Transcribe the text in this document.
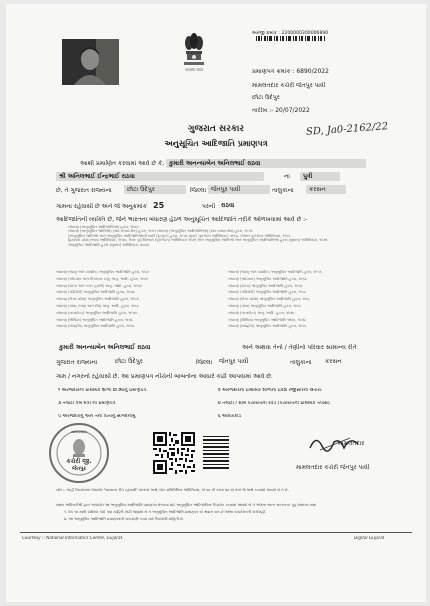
सत्यमेव जयते
અરજી ક્રમાંક : 2200000300006890
પ્રમાણપત્ર ક્રમાંક : 6890/2022
મામલતદાર કચેરી જેતપુર પાવી
છોટા ઉદેપુર
તારીખ :- 20/07/2022
SD, Ja0-2162/22
ગુજરાત સરકાર
અનુસૂચિત આદિજાતિ પ્રમાણપત્ર
આથી પ્રમાણિત કરવામાં આવે છે કે, કુમારી અનન્યાબેન અનિલભાઈ રાઠવા
શ્રી અનિલભાઈ ઈન્દ્રભાઈ રાઠવા	ના	પુત્રી
છે, તે ગુજરાત રાજ્યના	છોટા ઉદેપુર	જિલ્લા જેતપુર પાવી	તાલુકાના	કરસન
ગામના રહેવાસી છે અને જે અનુક્રમાંક 25	પરની રાઠવા
આદિજાતિની વ્યક્તિ છે, જેને ભારતના બંધારણ હેઠળ અનુસૂચિત આદિજાતિ તરીકે ઓળખવામાં આવે છે :-
બંધારણ (અનુસૂચિત આદિજાતિઓ) હુકમ, ૧૯૫૦
બંધારણ (અનુસૂચિત જાતિઓ) (સંઘ રાજ્ય ક્ષેત્ર) હુકમ, ૧૯૫૧ બંધારણ (અનુસૂચિત આદિજાતિઓ) (સંઘ રાજ્ય ક્ષેત્ર) હુકમ, ૧૯૫૧
(અનુસૂચિત જાતિઓ અને અનુસૂચિત આદિજાતિઓની યાદી (ફેરફાર) હુકમ, ૧૯૫૬ મુંબઈ પુનર્ગઠન અધિનિયમ, ૧૯૬૦, પંજાબ પુનર્ગઠન અધિનિયમ, ૧૯૬૬
હિમાચલ પ્રદેશ રાજ્ય અધિનિયમ, ૧૯૭૦, ઉત્તર પૂર્વ વિસ્તારો (પુનર્ગઠન) અધિનિયમ ૧૯૭૧ અને અનુસૂચિત જાતિઓ અને અનુસૂચિત આદિજાતિઓ હુકમ (સુધારા) અધિનિયમ, ૧૯૭૬
અનુસૂચિત આદિજાતિ હુકમ (સુધારા) અધિનિયમ, ૨૦૦૨
બંધારણ (જમ્મુ અને કાશ્મીર) અનુસૂચિત આદિજાતિ હુકમ, ૧૯૮૯
બંધારણ (અંદમાન અને નિકોબાર ટાપુ) અનુ. આદિ. હુકમ, ૧૯૫૯
બંધારણ (દાદરા અને નગર હવેલી) અનુ. આદિ. હુકમ, ૧૯૬૨
બંધારણ (પોંડિચેરી) અનુસૂચિત આદિજાતિ હુકમ, ૧૯૬૪
બંધારણ (ઉત્તર પ્રદેશ) અનુસૂચિત આદિજાતિ હુકમ, ૧૯૬૭
બંધારણ (ગોવા, દમણ અને દીવ) અનુ. આદિ. હુકમ, ૧૯૬૮
બંધારણ (નાગાલેન્ડ) અનુસૂચિત આદિજાતિ હુકમ, ૧૯૭૦
બંધારણ (સિક્કિમ) અનુસૂચિત આદિજાતિ હુકમ, ૧૯૭૮
બંધારણ (લક્ષદ્વીપ) અનુસૂચિત આદિજાતિ હુકમ, ૧૯૫૬
બંધારણ (જમ્મુ અને કાશ્મીર) અનુસૂચિત આદિજાતિ હુકમ, ૧૯૫૬
બંધારણ (અંદમાન) અનુસૂચિત આદિજાતિ હુકમ, ૧૯૬૨
બંધારણ (દાદરા) અનુસૂચિત આદિજાતિ હુકમ, ૧૯૬૨
બંધારણ (પોંડિચેરી) અનુસૂચિત આદિજાતિ હુકમ, ૧૯૬૮
બંધારણ (ઉત્તર પ્રદેશ) અનુસૂચિત આદિજાતિ હુકમ, ૧૯૬૮
બંધારણ (ગોવા) અનુસૂચિત આદિજાતિ હુકમ, ૧૯૬૮
બંધારણ (નાગાલેન્ડ) અનુ. આદિ. હુકમ, ૧૯૭૦
બંધારણ (સિક્કિમ) અનુસૂચિત આદિજાતિ ઓર્ડર, ૧૯૭૮
બંધારણ (લક્ષદ્વીપ) અનુસૂચિત આદિજાતિ હુકમ, ૧૯૫૬
કુમારી અનન્યાબેન અનિલભાઈ રાઠવા	અને અથવા તેનો / તેણીનો પરિવાર સામાન્ય રીતે
ગુજરાત રાજ્યના	છોટા ઉદેપુર	જિલ્લા	જેતપુર પાવી	તાલુકાના	કરસન
ગામ / નગરનો રહેવાસી છે. આ પ્રમાણપત્ર નીચેની બાબતોના આધારે કાઢી આપવામાં આવે છે.
૧ અરજદારના પ્રાથમિક શાળા છોડ્યાનું પ્રમાણપત્ર.	૨ અરજદારના પ્રાથમિક શાળાના પ્રવેશ રજીસ્ટરનો ઉતારો.
૩ તલાટી કમ મંત્રી નો પ્રમાણપત્ર	૪ તલાટી / ગ્રામ પંચાયતનો રેકર્ડ (પંચાયતની પ્રાથમિક તપાસ).
૫ અરજદારનું અને તેના પિતાનું સોગંદનામું	૬ આધારકાર્ડ
મામલતદાર
કચેરી જી.
જેતપુર
મામલતદાર
મામલતદાર કચેરી જેતપુર પાવી
નોંધ :- અહીં ઉપયોગમાં લેવાયેલ "સામાન્ય રીતે રહેવાસી" શબ્દનો અર્થ, લોક-પ્રતિનિધિત્વ અધિનિયમ, ૧૯૫૦ ની કલમ ૨૦ માં તેનો જે અર્થ કરવામાં આવ્યો છે તે છે.
સક્ષમ અધિકારીશ્રી દ્વારા અપાયેલ આ અનુસૂચિત આદિજાતિ પ્રમાણપત્ર મેળવવા માટે અનુસૂચિત આદિજાતિના ઉપયોગ કરવામાં આવશે તો તે અંગેના ભારત સરકારના ગૃહ મંત્રાલય તથા
૧. પેરા ૧૦ માંની દર્શાવેલ કોઈ પણ માહિતી ખોટી જણાશે તો તે અનુસૂચિત આદિજાતિ પ્રમાણપત્ર રદ થવાને પાત્ર છે તેમજ કાયદેસરની કાર્યવાહી
૨. આ અનુસૂચિત આદિજાતિ પ્રમાણપત્રની ચકાસણી કરવા માટે ઉપયોગી માહિતી છે.
Courtesy :: National Informatics Centre, Gujarat	Digital Gujarat
